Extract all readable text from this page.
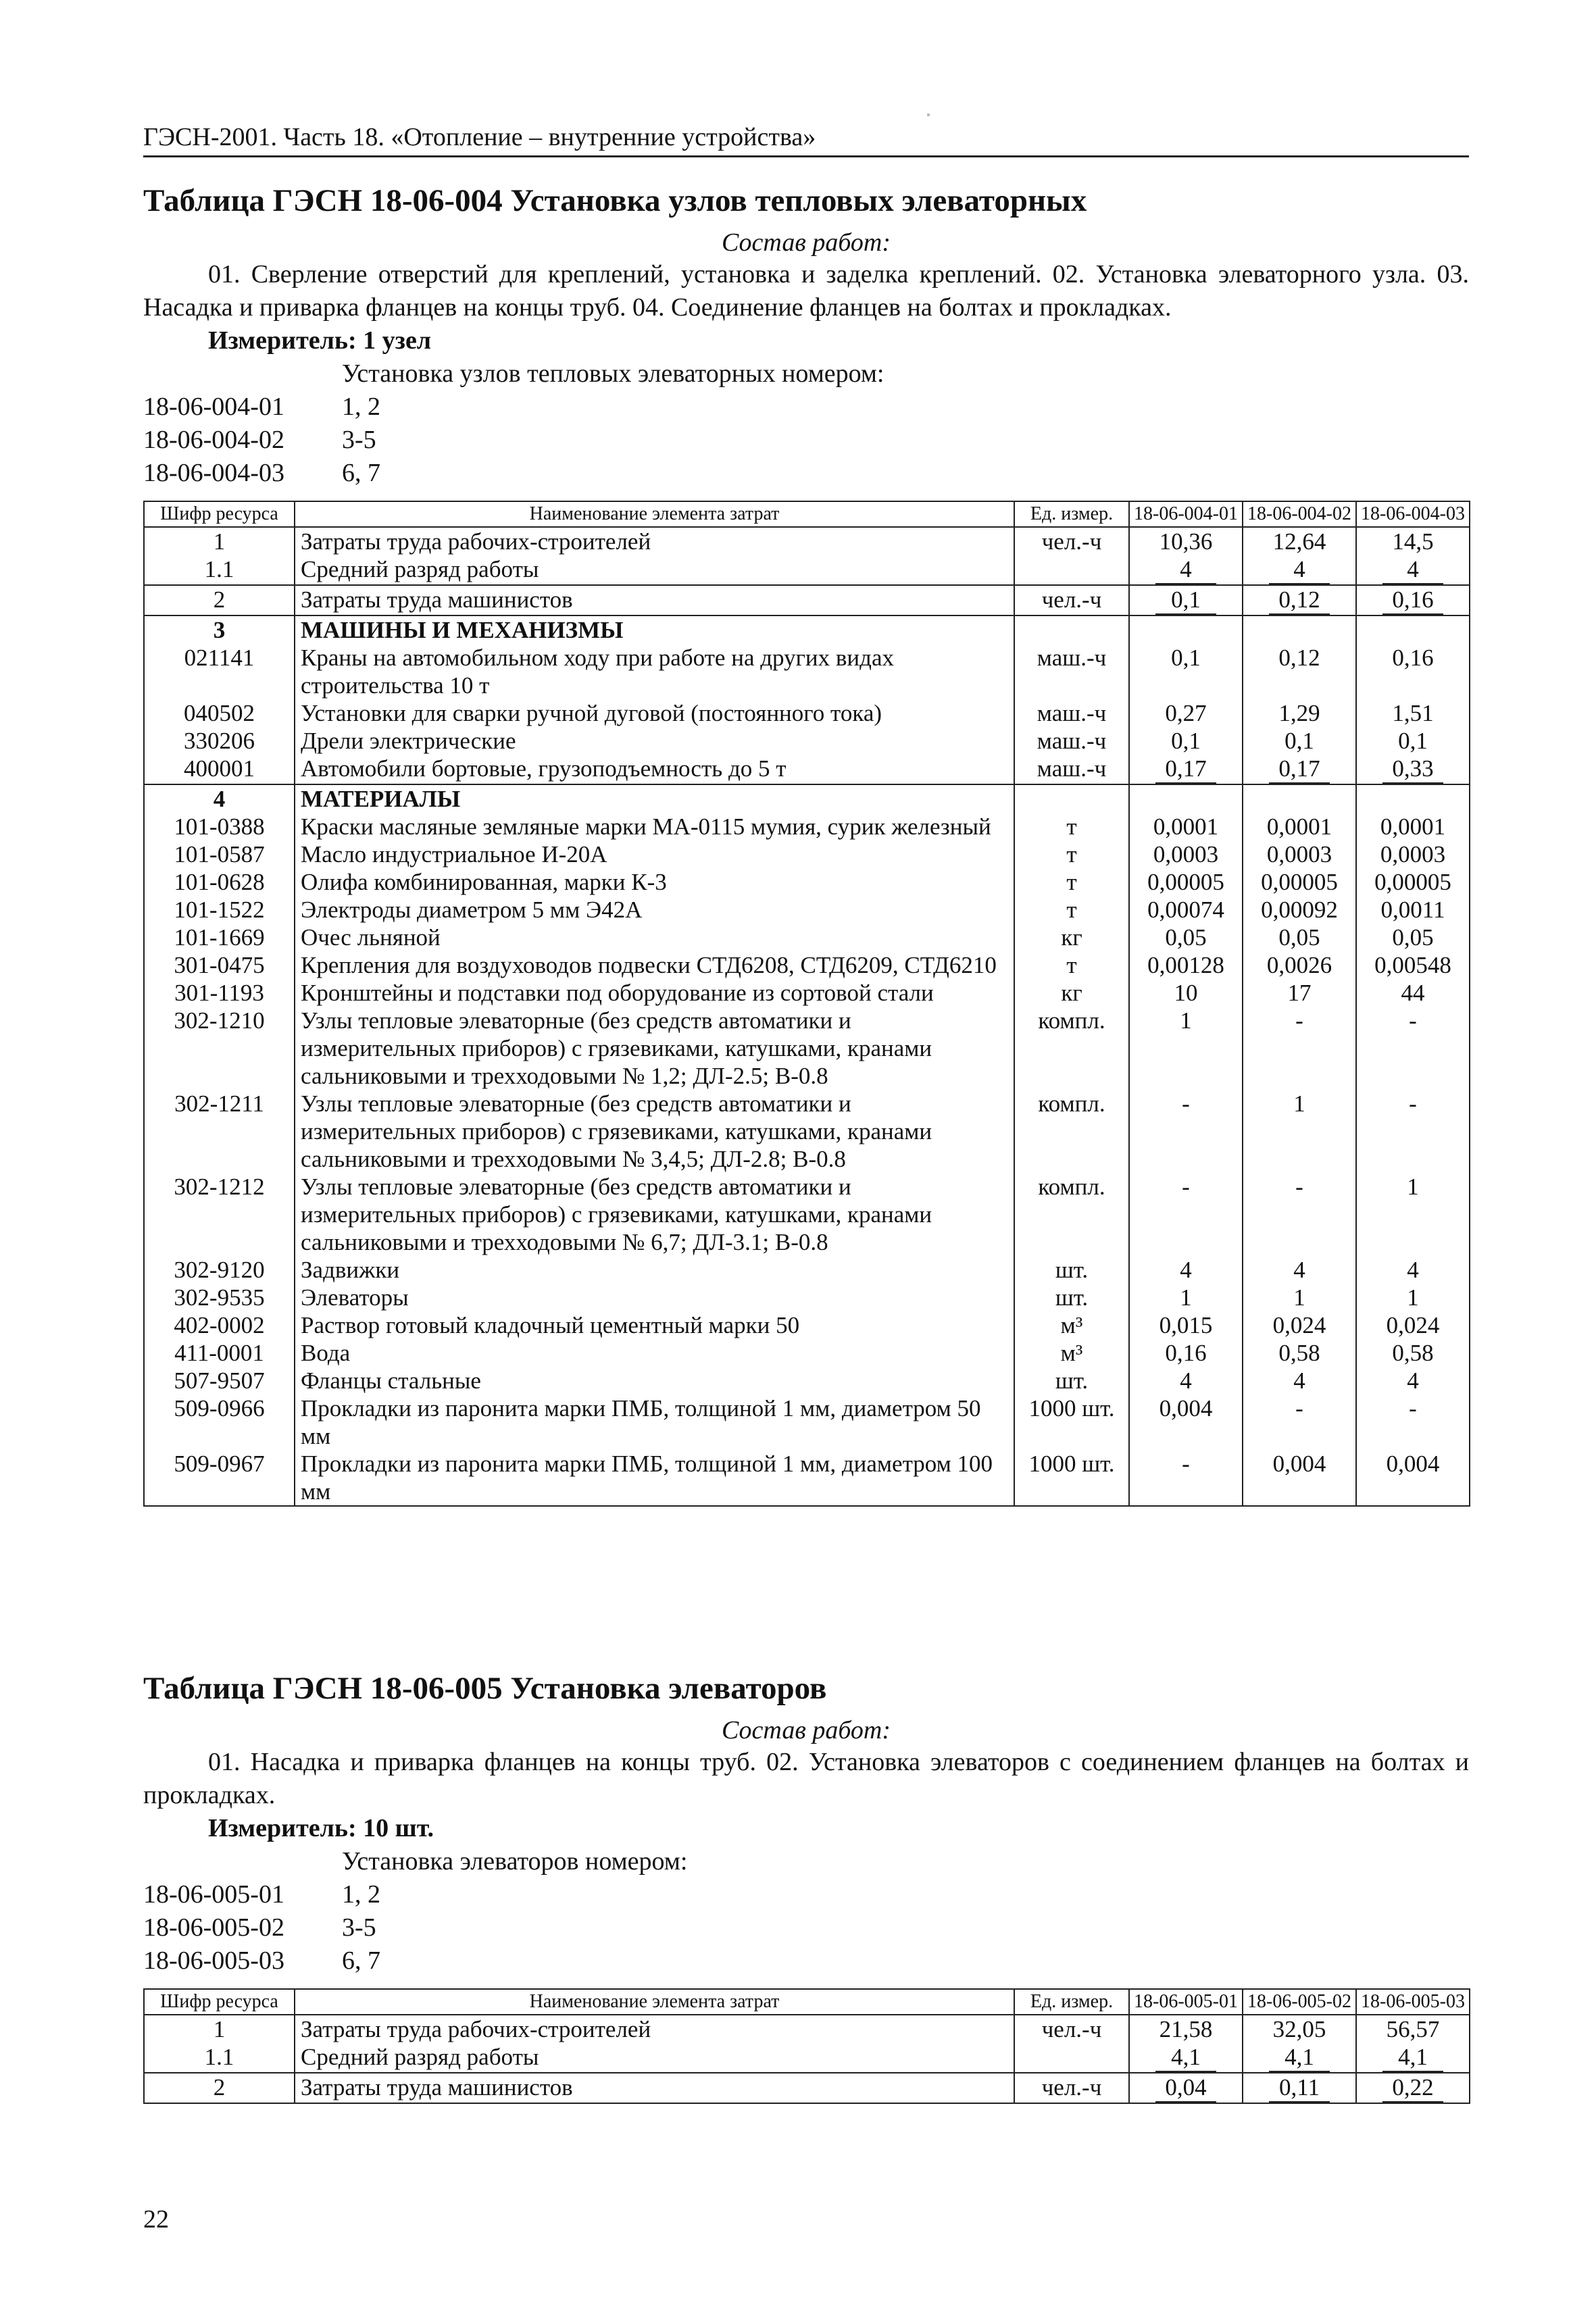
ГЭСН-2001. Часть 18. «Отопление – внутренние устройства»
Таблица ГЭСН 18-06-004 Установка узлов тепловых элеваторных
Состав работ:
01. Сверление отверстий для креплений, установка и заделка креплений. 02. Установка элеваторного узла. 03. Насадка и приварка фланцев на концы труб. 04. Соединение фланцев на болтах и прокладках.
Измеритель: 1 узел
Установка узлов тепловых элеваторных номером:
18-06-004-01	1, 2
18-06-004-02	3-5
18-06-004-03	6, 7
Шифр ресурса	Наименование элемента затрат	Ед. измер.	18-06-004-01	18-06-004-02	18-06-004-03
1	Затраты труда рабочих-строителей	чел.-ч	10,36	12,64	14,5
1.1	Средний разряд работы		4	4	4
2	Затраты труда машинистов	чел.-ч	0,1	0,12	0,16
3	МАШИНЫ И МЕХАНИЗМЫ				
021141	Краны на автомобильном ходу при работе на других видах строительства 10 т	маш.-ч	0,1	0,12	0,16
040502	Установки для сварки ручной дуговой (постоянного тока)	маш.-ч	0,27	1,29	1,51
330206	Дрели электрические	маш.-ч	0,1	0,1	0,1
400001	Автомобили бортовые, грузоподъемность до 5 т	маш.-ч	0,17	0,17	0,33
4	МАТЕРИАЛЫ				
101-0388	Краски масляные земляные марки МА-0115 мумия, сурик железный	т	0,0001	0,0001	0,0001
101-0587	Масло индустриальное И-20А	т	0,0003	0,0003	0,0003
101-0628	Олифа комбинированная, марки К-3	т	0,00005	0,00005	0,00005
101-1522	Электроды диаметром 5 мм Э42А	т	0,00074	0,00092	0,0011
101-1669	Очес льняной	кг	0,05	0,05	0,05
301-0475	Крепления для воздуховодов подвески СТД6208, СТД6209, СТД6210	т	0,00128	0,0026	0,00548
301-1193	Кронштейны и подставки под оборудование из сортовой стали	кг	10	17	44
302-1210	Узлы тепловые элеваторные (без средств автоматики и измерительных приборов) с грязевиками, катушками, кранами сальниковыми и трехходовыми № 1,2; ДЛ-2.5; В-0.8	компл.	1	-	-
302-1211	Узлы тепловые элеваторные (без средств автоматики и измерительных приборов) с грязевиками, катушками, кранами сальниковыми и трехходовыми № 3,4,5; ДЛ-2.8; В-0.8	компл.	-	1	-
302-1212	Узлы тепловые элеваторные (без средств автоматики и измерительных приборов) с грязевиками, катушками, кранами сальниковыми и трехходовыми № 6,7; ДЛ-3.1; В-0.8	компл.	-	-	1
302-9120	Задвижки	шт.	4	4	4
302-9535	Элеваторы	шт.	1	1	1
402-0002	Раствор готовый кладочный цементный марки 50	м³	0,015	0,024	0,024
411-0001	Вода	м³	0,16	0,58	0,58
507-9507	Фланцы стальные	шт.	4	4	4
509-0966	Прокладки из паронита марки ПМБ, толщиной 1 мм, диаметром 50 мм	1000 шт.	0,004	-	-
509-0967	Прокладки из паронита марки ПМБ, толщиной 1 мм, диаметром 100 мм	1000 шт.	-	0,004	0,004
Таблица ГЭСН 18-06-005 Установка элеваторов
Состав работ:
01. Насадка и приварка фланцев на концы труб. 02. Установка элеваторов с соединением фланцев на болтах и прокладках.
Измеритель: 10 шт.
Установка элеваторов номером:
18-06-005-01	1, 2
18-06-005-02	3-5
18-06-005-03	6, 7
Шифр ресурса	Наименование элемента затрат	Ед. измер.	18-06-005-01	18-06-005-02	18-06-005-03
1	Затраты труда рабочих-строителей	чел.-ч	21,58	32,05	56,57
1.1	Средний разряд работы		4,1	4,1	4,1
2	Затраты труда машинистов	чел.-ч	0,04	0,11	0,22
22
